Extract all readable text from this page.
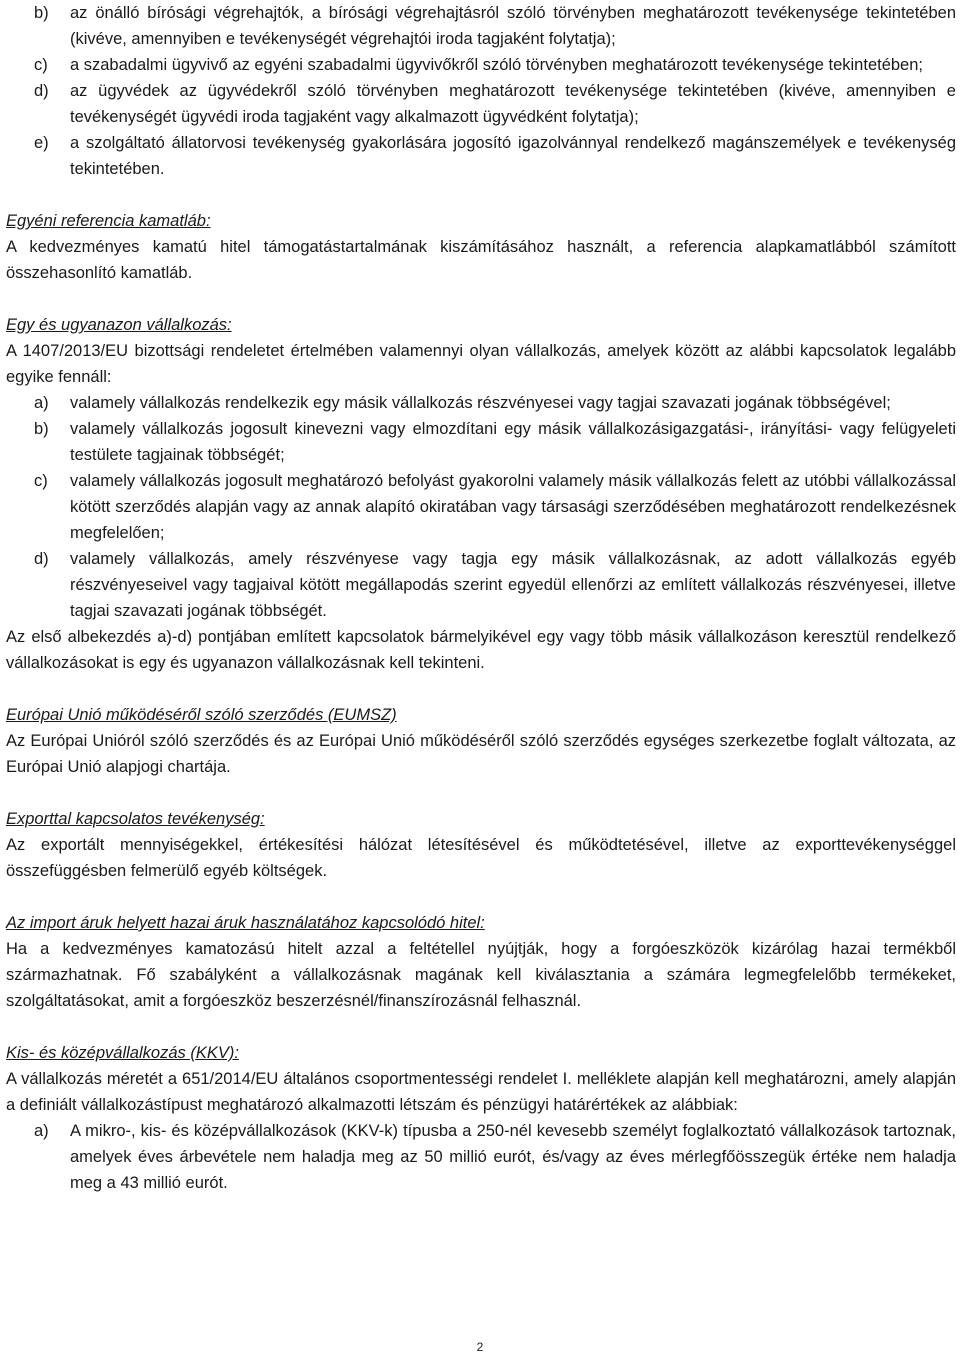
b)	az önálló bírósági végrehajtók, a bírósági végrehajtásról szóló törvényben meghatározott tevékenysége tekintetében (kivéve, amennyiben e tevékenységét végrehajtói iroda tagjaként folytatja);
c)	a szabadalmi ügyvivő az egyéni szabadalmi ügyvivőkről szóló törvényben meghatározott tevékenysége tekintetében;
d)	az ügyvédek az ügyvédekről szóló törvényben meghatározott tevékenysége tekintetében (kivéve, amennyiben e tevékenységét ügyvédi iroda tagjaként vagy alkalmazott ügyvédként folytatja);
e)	a szolgáltató állatorvosi tevékenység gyakorlására jogosító igazolvánnyal rendelkező magánszemélyek e tevékenység tekintetében.

Egyéni referencia kamatláb:

A kedvezményes kamatú hitel támogatástartalmának kiszámításához használt, a referencia alapkamatlábból számított összehasonlító kamatláb.

Egy és ugyanazon vállalkozás:

A 1407/2013/EU bizottsági rendeletet értelmében valamennyi olyan vállalkozás, amelyek között az alábbi kapcsolatok legalább egyike fennáll:

a)	valamely vállalkozás rendelkezik egy másik vállalkozás részvényesei vagy tagjai szavazati jogának többségével;
b)	valamely vállalkozás jogosult kinevezni vagy elmozdítani egy másik vállalkozásigazgatási-, irányítási- vagy felügyeleti testülete tagjainak többségét;
c)	valamely vállalkozás jogosult meghatározó befolyást gyakorolni valamely másik vállalkozás felett az utóbbi vállalkozással kötött szerződés alapján vagy az annak alapító okiratában vagy társasági szerződésében meghatározott rendelkezésnek megfelelően;
d)	valamely vállalkozás, amely részvényese vagy tagja egy másik vállalkozásnak, az adott vállalkozás egyéb részvényeseivel vagy tagjaival kötött megállapodás szerint egyedül ellenőrzi az említett vállalkozás részvényesei, illetve tagjai szavazati jogának többségét.

Az első albekezdés a)-d) pontjában említett kapcsolatok bármelyikével egy vagy több másik vállalkozáson keresztül rendelkező vállalkozásokat is egy és ugyanazon vállalkozásnak kell tekinteni.

Európai Unió működéséről szóló szerződés (EUMSZ)

Az Európai Unióról szóló szerződés és az Európai Unió működéséről szóló szerződés egységes szerkezetbe foglalt változata, az Európai Unió alapjogi chartája.

Exporttal kapcsolatos tevékenység:

Az exportált mennyiségekkel, értékesítési hálózat létesítésével és működtetésével, illetve az exporttevékenységgel összefüggésben felmerülő egyéb költségek.

Az import áruk helyett hazai áruk használatához kapcsolódó hitel:

Ha a kedvezményes kamatozású hitelt azzal a feltétellel nyújtják, hogy a forgóeszközök kizárólag hazai termékből származhatnak. Fő szabályként a vállalkozásnak magának kell kiválasztania a számára legmegfelelőbb termékeket, szolgáltatásokat, amit a forgóeszköz beszerzésnél/finanszírozásnál felhasznál.

Kis- és középvállalkozás (KKV):

A vállalkozás méretét a 651/2014/EU általános csoportmentességi rendelet I. melléklete alapján kell meghatározni, amely alapján a definiált vállalkozástípust meghatározó alkalmazotti létszám és pénzügyi határértékek az alábbiak:

a)	A mikro-, kis- és középvállalkozások (KKV-k) típusba a 250-nél kevesebb személyt foglalkoztató vállalkozások tartoznak, amelyek éves árbevétele nem haladja meg az 50 millió eurót, és/vagy az éves mérlegfőösszegük értéke nem haladja meg a 43 millió eurót.
2
